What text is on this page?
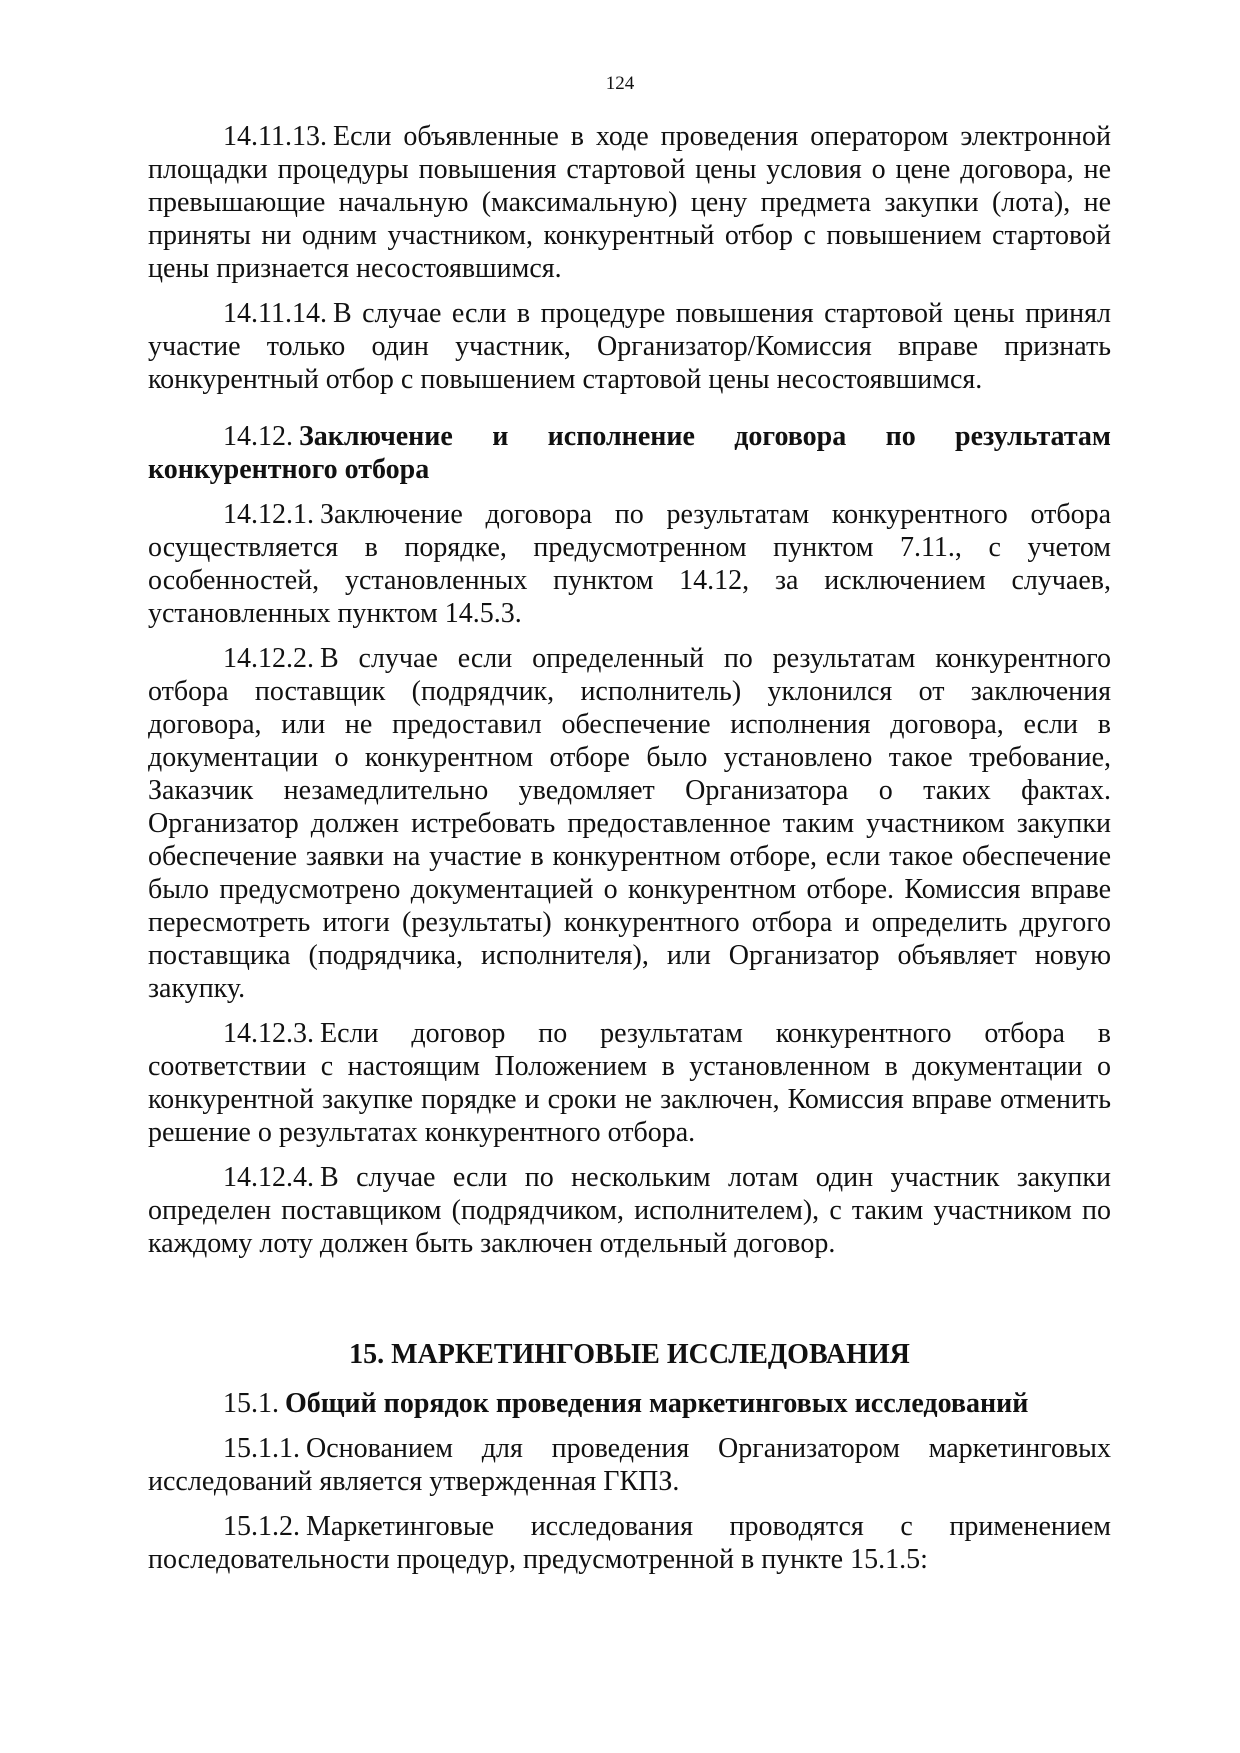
124

14.11.13. Если объявленные в ходе проведения оператором электронной площадки процедуры повышения стартовой цены условия о цене договора, не превышающие начальную (максимальную) цену предмета закупки (лота), не приняты ни одним участником, конкурентный отбор с повышением стартовой цены признается несостоявшимся.

14.11.14. В случае если в процедуре повышения стартовой цены принял участие только один участник, Организатор/Комиссия вправе признать конкурентный отбор с повышением стартовой цены несостоявшимся.

14.12. Заключение и исполнение договора по результатам конкурентного отбора

14.12.1. Заключение договора по результатам конкурентного отбора осуществляется в порядке, предусмотренном пунктом 7.11., с учетом особенностей, установленных пунктом 14.12, за исключением случаев, установленных пунктом 14.5.3.

14.12.2. В случае если определенный по результатам конкурентного отбора поставщик (подрядчик, исполнитель) уклонился от заключения договора, или не предоставил обеспечение исполнения договора, если в документации о конкурентном отборе было установлено такое требование, Заказчик незамедлительно уведомляет Организатора о таких фактах. Организатор должен истребовать предоставленное таким участником закупки обеспечение заявки на участие в конкурентном отборе, если такое обеспечение было предусмотрено документацией о конкурентном отборе. Комиссия вправе пересмотреть итоги (результаты) конкурентного отбора и определить другого поставщика (подрядчика, исполнителя), или Организатор объявляет новую закупку.

14.12.3. Если договор по результатам конкурентного отбора в соответствии с настоящим Положением в установленном в документации о конкурентной закупке порядке и сроки не заключен, Комиссия вправе отменить решение о результатах конкурентного отбора.

14.12.4. В случае если по нескольким лотам один участник закупки определен поставщиком (подрядчиком, исполнителем), с таким участником по каждому лоту должен быть заключен отдельный договор.

15. МАРКЕТИНГОВЫЕ ИССЛЕДОВАНИЯ

15.1. Общий порядок проведения маркетинговых исследований

15.1.1. Основанием для проведения Организатором маркетинговых исследований является утвержденная ГКПЗ.

15.1.2. Маркетинговые исследования проводятся с применением последовательности процедур, предусмотренной в пункте 15.1.5:
